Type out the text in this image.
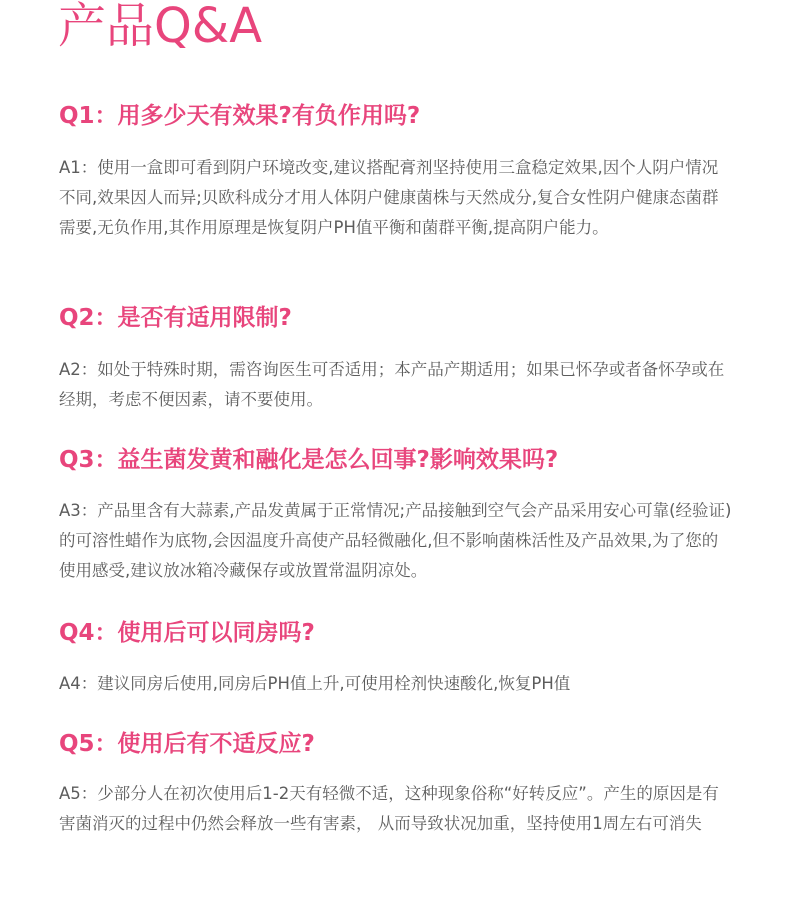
产品Q&A
Q1：用多少天有效果?有负作用吗?

A1：使用一盒即可看到阴户环境改变,建议搭配膏剂坚持使用三盒稳定效果,因个人阴户情况不同,效果因人而异;贝欧科成分才用人体阴户健康菌株与天然成分,复合女性阴户健康态菌群需要,无负作用,其作用原理是恢复阴户PH值平衡和菌群平衡,提高阴户能力。

Q2：是否有适用限制?

A2：如处于特殊时期，需咨询医生可否适用；本产品产期适用；如果已怀孕或者备怀孕或在经期，考虑不便因素，请不要使用。

Q3：益生菌发黄和融化是怎么回事?影响效果吗?

A3：产品里含有大蒜素,产品发黄属于正常情况;产品接触到空气会产品采用安心可靠(经验证)的可溶性蜡作为底物,会因温度升高使产品轻微融化,但不影响菌株活性及产品效果,为了您的使用感受,建议放冰箱冷藏保存或放置常温阴凉处。

Q4：使用后可以同房吗?

A4：建议同房后使用,同房后PH值上升,可使用栓剂快速酸化,恢复PH值

Q5：使用后有不适反应?

A5：少部分人在初次使用后1-2天有轻微不适，这种现象俗称“好转反应”。产生的原因是有害菌消灭的过程中仍然会释放一些有害素， 从而导致状况加重，坚持使用1周左右可消失
